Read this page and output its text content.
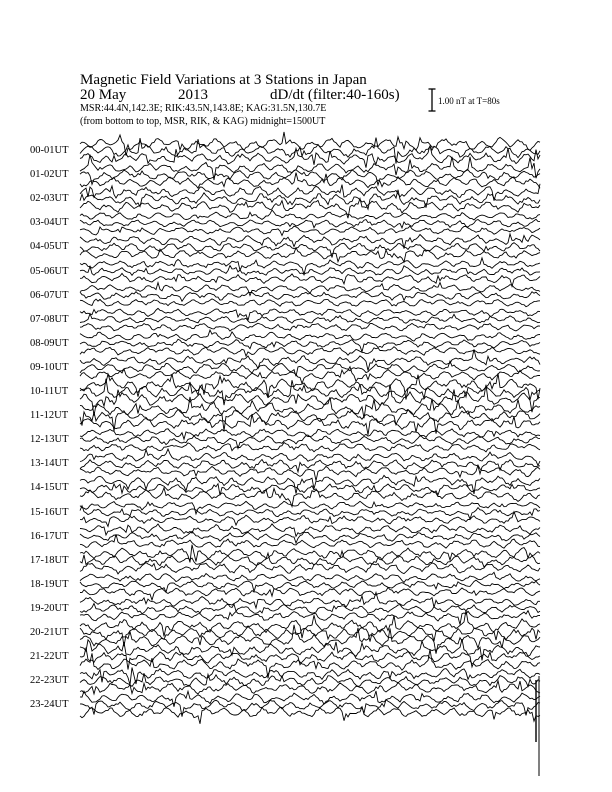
Magnetic Field Variations at 3 Stations in Japan
20 May	2013	dD/dt (filter:40-160s)
MSR:44.4N,142.3E; RIK:43.5N,143.8E; KAG:31.5N,130.7E
(from bottom to top, MSR, RIK, & KAG) midnight=1500UT
1.00 nT at T=80s
00-01UT
01-02UT
02-03UT
03-04UT
04-05UT
05-06UT
06-07UT
07-08UT
08-09UT
09-10UT
10-11UT
11-12UT
12-13UT
13-14UT
14-15UT
15-16UT
16-17UT
17-18UT
18-19UT
19-20UT
20-21UT
21-22UT
22-23UT
23-24UT
